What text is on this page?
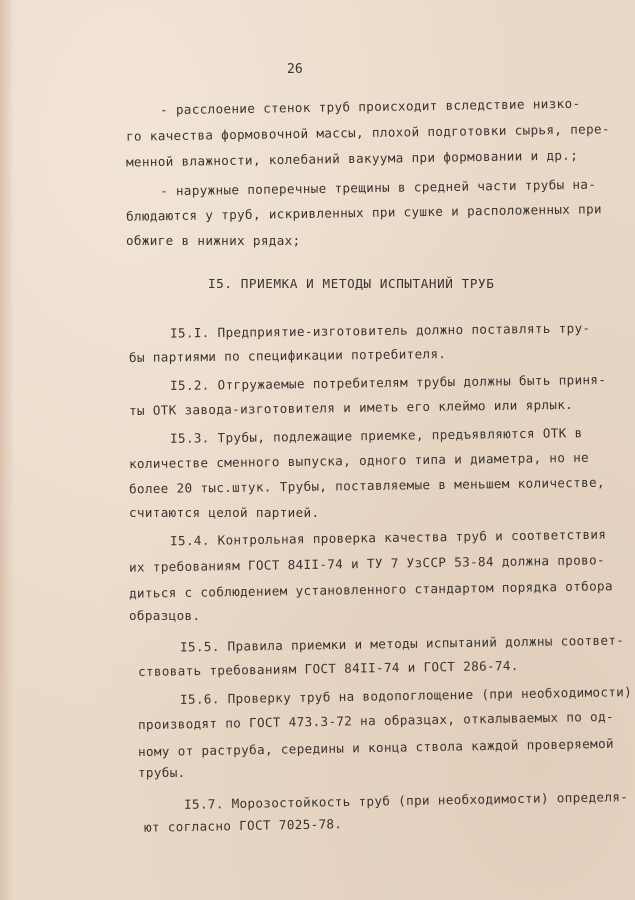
26
- расслоение стенок труб происходит вследствие низко-
го качества формовочной массы, плохой подготовки сырья, пере-
менной влажности, колебаний вакуума при формовании и др.;
- наружные поперечные трещины в средней части трубы на-
блюдаются у труб, искривленных при сушке и расположенных при
обжиге в нижних рядах;
I5. ПРИЕМКА И МЕТОДЫ ИСПЫТАНИЙ ТРУБ
I5.I. Предприятие-изготовитель должно поставлять тру-
бы партиями по спецификации потребителя.
I5.2. Отгружаемые потребителям трубы должны быть приня-
ты ОТК завода-изготовителя и иметь его клеймо или ярлык.
I5.3. Трубы, подлежащие приемке, предъявляются ОТК в
количестве сменного выпуска, одного типа и диаметра, но не
более 20 тыс.штук. Трубы, поставляемые в меньшем количестве,
считаются целой партией.
I5.4. Контрольная проверка качества труб и соответствия
их требованиям ГОСТ 84II-74 и ТУ 7 УзССР 53-84 должна прово-
диться с соблюдением установленного стандартом порядка отбора
образцов.
I5.5. Правила приемки и методы испытаний должны соответ-
ствовать требованиям ГОСТ 84II-74 и ГОСТ 286-74.
I5.6. Проверку труб на водопоглощение (при необходимости)
производят по ГОСТ 473.3-72 на образцах, откалываемых по од-
ному от раструба, середины и конца ствола каждой проверяемой
трубы.
I5.7. Морозостойкость труб (при необходимости) определя-
ют согласно ГОСТ 7025-78.
